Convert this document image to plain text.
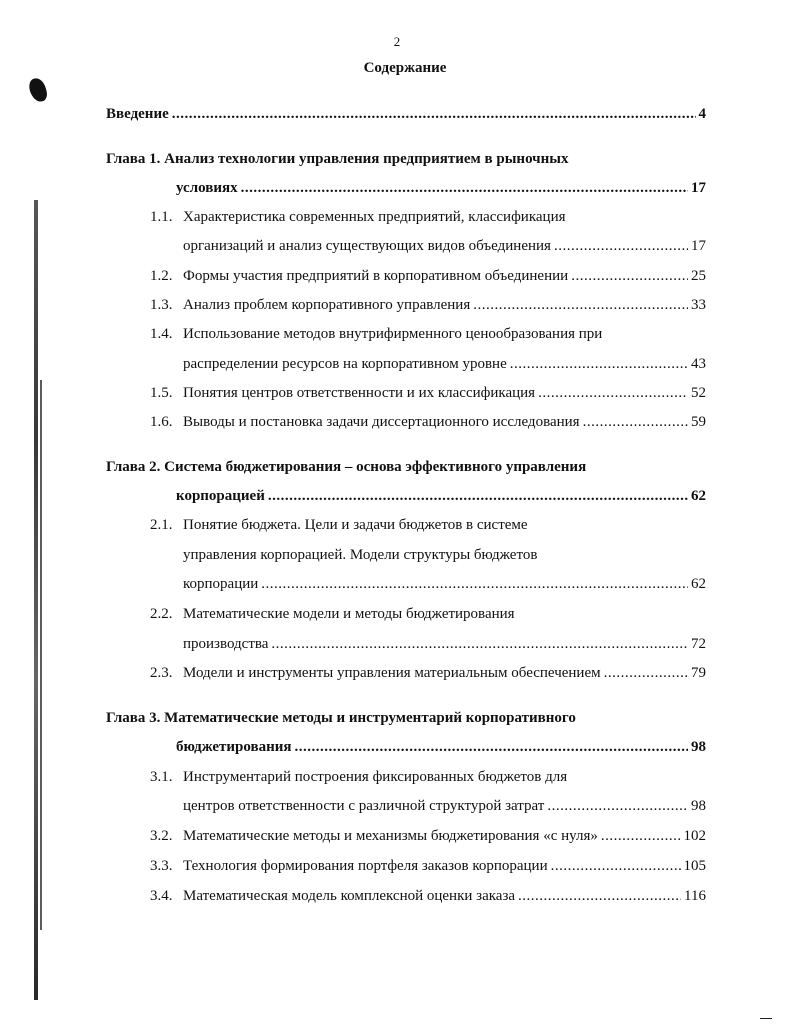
2
Содержание
Введение .....	4
Глава 1. Анализ технологии управления предприятием в рыночных
условиях .....	17
1.1. Характеристика современных предприятий, классификация
организаций и анализ существующих видов объединения .....	17
1.2. Формы участия предприятий в корпоративном объединении .....	25
1.3. Анализ проблем корпоративного управления .....	33
1.4. Использование методов внутрифирменного ценообразования при
распределении ресурсов на корпоративном уровне .....	43
1.5. Понятия центров ответственности и их классификация .....	52
1.6. Выводы и постановка задачи диссертационного исследования .....	59
Глава 2. Система бюджетирования – основа эффективного управления
корпорацией .....	62
2.1. Понятие бюджета. Цели и задачи бюджетов в системе
управления корпорацией. Модели структуры бюджетов
корпорации .....	62
2.2. Математические модели и методы бюджетирования
производства .....	72
2.3. Модели и инструменты управления материальным обеспечением .....	79
Глава 3. Математические методы и инструментарий корпоративного
бюджетирования .....	98
3.1. Инструментарий построения фиксированных бюджетов для
центров ответственности с различной структурой затрат .....	98
3.2. Математические методы и механизмы бюджетирования «с нуля» .....	102
3.3. Технология формирования портфеля заказов корпорации .....	105
3.4. Математическая модель комплексной оценки заказа .....	116
